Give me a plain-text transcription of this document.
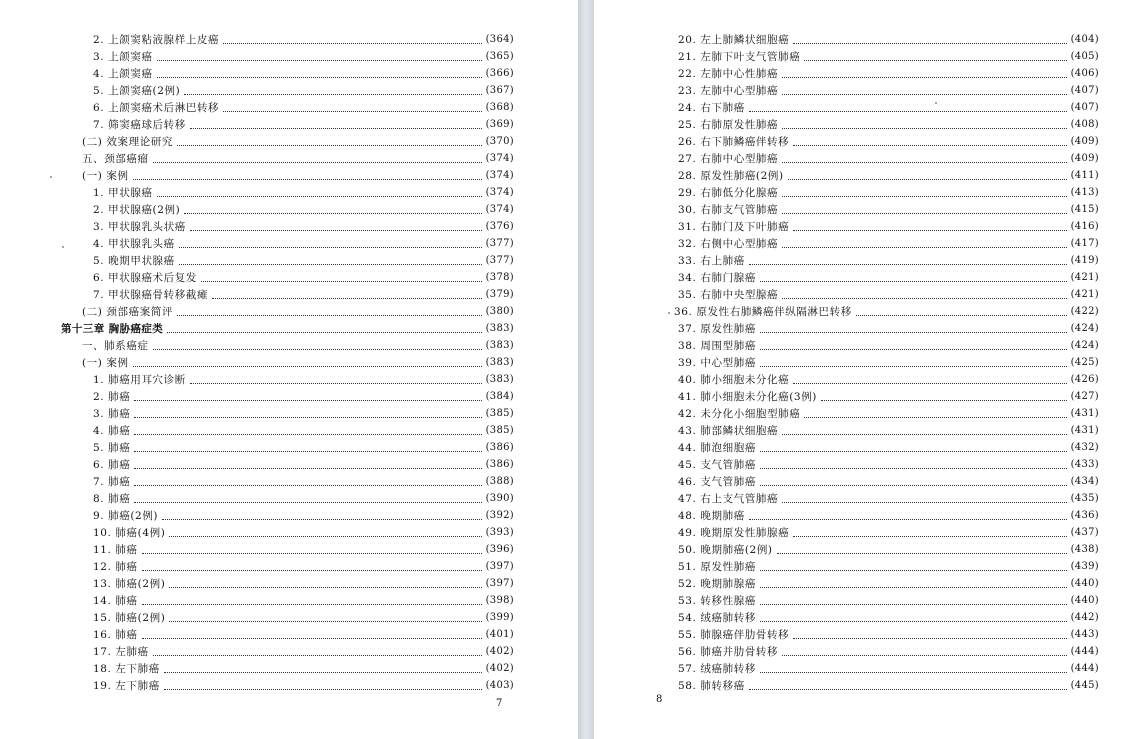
2. 上颌窦粘液腺样上皮癌	(364)
3. 上颌窦癌	(365)
4. 上颌窦癌	(366)
5. 上颌窦癌(2例)	(367)
6. 上颌窦癌术后淋巴转移	(368)
7. 筛窦癌球后转移	(369)
(二) 效案理论研究	(370)
五、颈部癌瘤	(374)
(一) 案例	(374)
1. 甲状腺癌	(374)
2. 甲状腺癌(2例)	(374)
3. 甲状腺乳头状癌	(376)
4. 甲状腺乳头癌	(377)
5. 晚期甲状腺癌	(377)
6. 甲状腺癌术后复发	(378)
7. 甲状腺癌骨转移截瘫	(379)
(二) 颈部癌案简评	(380)
第十三章 胸胁癌症类	(383)
一、肺系癌症	(383)
(一) 案例	(383)
1. 肺癌用耳穴诊断	(383)
2. 肺癌	(384)
3. 肺癌	(385)
4. 肺癌	(385)
5. 肺癌	(386)
6. 肺癌	(386)
7. 肺癌	(388)
8. 肺癌	(390)
9. 肺癌(2例)	(392)
10. 肺癌(4例)	(393)
11. 肺癌	(396)
12. 肺癌	(397)
13. 肺癌(2例)	(397)
14. 肺癌	(398)
15. 肺癌(2例)	(399)
16. 肺癌	(401)
17. 左肺癌	(402)
18. 左下肺癌	(402)
19. 左下肺癌	(403)
7
20. 左上肺鳞状细胞癌	(404)
21. 左肺下叶支气管肺癌	(405)
22. 左肺中心性肺癌	(406)
23. 左肺中心型肺癌	(407)
24. 右下肺癌	(407)
25. 右肺原发性肺癌	(408)
26. 右下肺鳞癌伴转移	(409)
27. 右肺中心型肺癌	(409)
28. 原发性肺癌(2例)	(411)
29. 右肺低分化腺癌	(413)
30. 右肺支气管肺癌	(415)
31. 右肺门及下叶肺癌	(416)
32. 右侧中心型肺癌	(417)
33. 右上肺癌	(419)
34. 右肺门腺癌	(421)
35. 右肺中央型腺癌	(421)
36. 原发性右肺鳞癌伴纵隔淋巴转移	(422)
37. 原发性肺癌	(424)
38. 周围型肺癌	(424)
39. 中心型肺癌	(425)
40. 肺小细胞未分化癌	(426)
41. 肺小细胞未分化癌(3例)	(427)
42. 未分化小细胞型肺癌	(431)
43. 肺部鳞状细胞癌	(431)
44. 肺泡细胞癌	(432)
45. 支气管肺癌	(433)
46. 支气管肺癌	(434)
47. 右上支气管肺癌	(435)
48. 晚期肺癌	(436)
49. 晚期原发性肺腺癌	(437)
50. 晚期肺癌(2例)	(438)
51. 原发性肺癌	(439)
52. 晚期肺腺癌	(440)
53. 转移性腺癌	(440)
54. 绒癌肺转移	(442)
55. 肺腺癌伴肋骨转移	(443)
56. 肺癌并肋骨转移	(444)
57. 绒癌肺转移	(444)
58. 肺转移癌	(445)
8
